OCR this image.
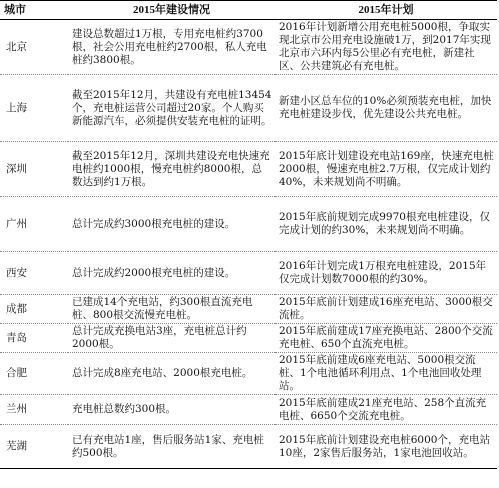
城市	2015年建设情况	2015年计划
北京	建设总数超过1万根，专用充电桩约3700根，社会公用充电桩约2700根，私人充电桩约3800根。	2016年计划新增公用充电桩5000根，争取实现北京市公用充电设施破1万，到2017年实现北京市六环内每5公里必有充电桩，新建社区、公共建筑必有充电桩。
上海	截至2015年12月，共建设有充电桩13454个，充电桩运营公司超过20家。个人购买新能源汽车，必须提供安装充电桩的证明。	新建小区总车位的10%必须预装充电桩，加快充电桩建设步伐，优先建设公共充电桩。
深圳	截至2015年12月，深圳共建设充电快速充电桩约1000根，慢充电桩约8000根，总数达到约1万根。	2015年底计划建设充电站169座，快速充电桩2000根，慢速充电桩2.7万根，仅完成计划约40%，未来规划尚不明确。
广州	总计完成约3000根充电桩的建设。	2015年底前规划完成9970根充电桩建设，仅完成计划的约30%，未来规划尚不明确。
西安	总计完成约2000根充电桩的建设。	2016年计划完成1万根充电桩建设，2015年仅完成计划数7000根的约30%。
成都	已建成14个充电站，约300根直流充电桩、800根交流慢充电桩。	2015年底前计划建成16座充电站、3000根交流桩。
青岛	总计完成充换电站3座，充电桩总计约2000根。	2015年底前建成17座充换电站、2800个交流充电桩、650个直流充电桩。
合肥	总计完成8座充电站、2000根充电桩。	2015年底前建成6座充电站、5000根交流桩、1个电池循环利用点、1个电池回收处理站。
兰州	充电桩总数约300根。	2015年底前建成21座充电站、258个直流充电桩、6650个交流充电桩。
芜湖	已有充电站1座，售后服务站1家、充电桩约500根。	2015年底前计划建设充电桩6000个，充电站10座，2家售后服务站，1家电池回收站。
